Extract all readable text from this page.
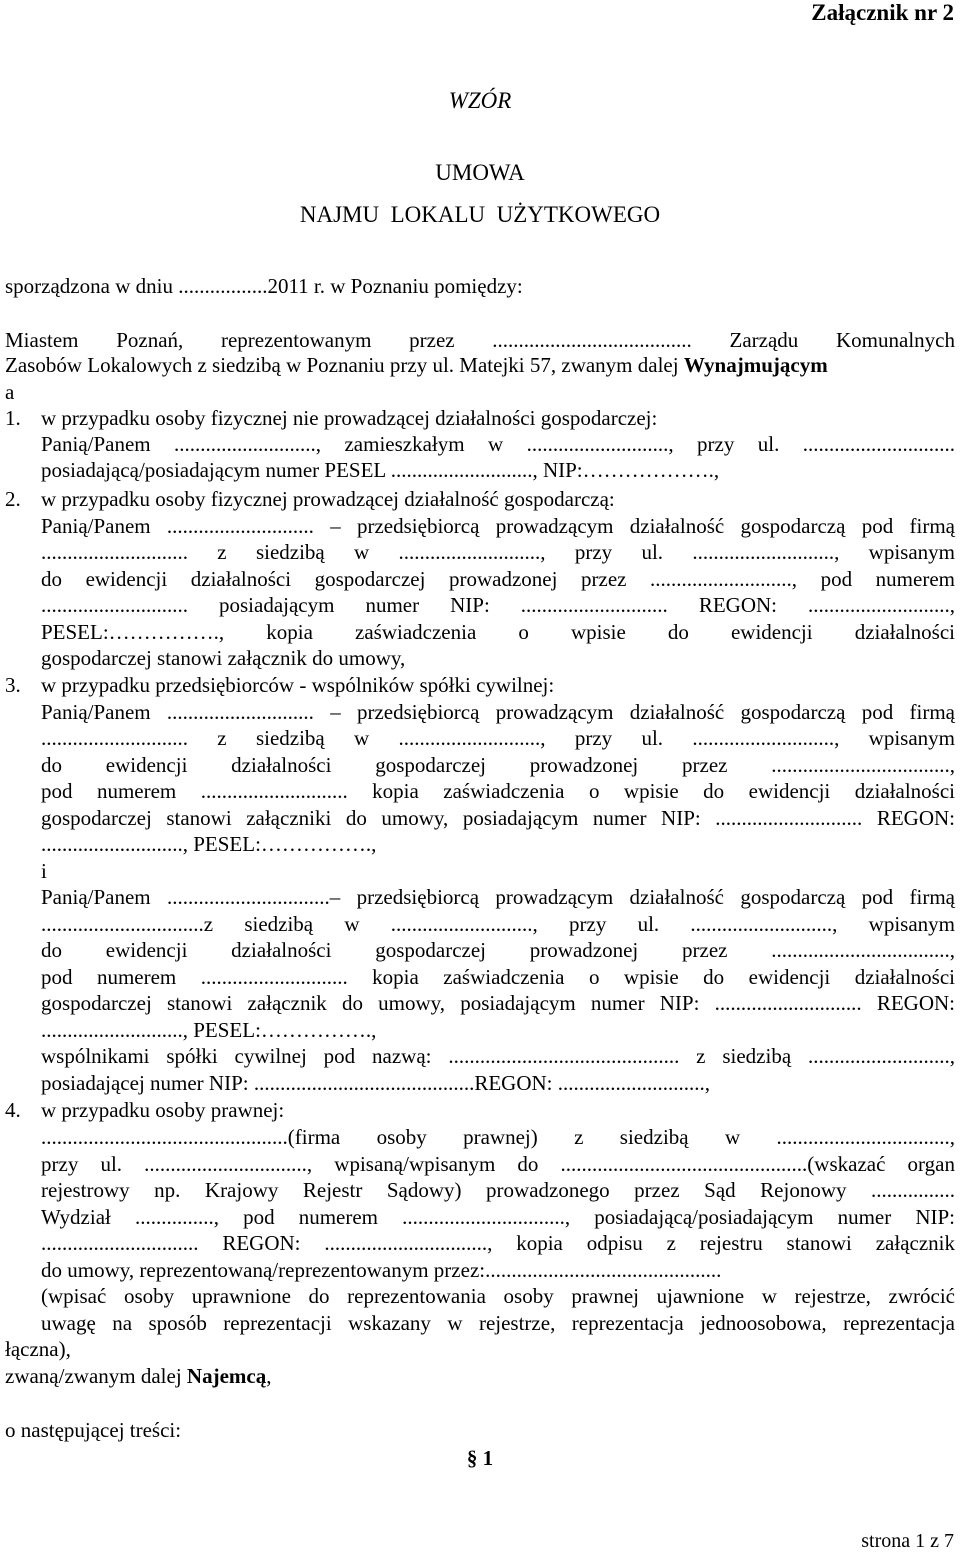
Załącznik nr 2
WZÓR
UMOWA
NAJMU  LOKALU  UŻYTKOWEGO
sporządzona w dniu .................2011 r. w Poznaniu pomiędzy:
Miastem Poznań, reprezentowanym przez ...................................... Zarządu Komunalnych
Zasobów Lokalowych z siedzibą w Poznaniu przy ul. Matejki 57, zwanym dalej Wynajmującym
a
1. w przypadku osoby fizycznej nie prowadzącej działalności gospodarczej:
Panią/Panem ..........................., zamieszkałym w ..........................., przy ul. .............................
posiadającą/posiadającym numer PESEL ..........................., NIP:……………….,
2. w przypadku osoby fizycznej prowadzącej działalność gospodarczą:
Panią/Panem ............................ – przedsiębiorcą prowadzącym działalność gospodarczą pod firmą
............................ z siedzibą w ..........................., przy ul. ..........................., wpisanym
do ewidencji działalności gospodarczej prowadzonej przez ..........................., pod numerem
............................ posiadającym numer NIP: ............................ REGON: ...........................,
PESEL:……………., kopia zaświadczenia o wpisie do ewidencji działalności
gospodarczej stanowi załącznik do umowy,
3. w przypadku przedsiębiorców - wspólników spółki cywilnej:
Panią/Panem ............................ – przedsiębiorcą prowadzącym działalność gospodarczą pod firmą
............................ z siedzibą w ..........................., przy ul. ..........................., wpisanym
do ewidencji działalności gospodarczej prowadzonej przez ..................................,
pod numerem ............................ kopia zaświadczenia o wpisie do ewidencji działalności
gospodarczej stanowi załączniki do umowy, posiadającym numer NIP: ............................ REGON:
..........................., PESEL:…………….,
i
Panią/Panem ...............................– przedsiębiorcą prowadzącym działalność gospodarczą pod firmą
...............................z siedzibą w ..........................., przy ul. ..........................., wpisanym
do ewidencji działalności gospodarczej prowadzonej przez ..................................,
pod numerem ............................ kopia zaświadczenia o wpisie do ewidencji działalności
gospodarczej stanowi załącznik do umowy, posiadającym numer NIP: ............................ REGON:
..........................., PESEL:…………….,
wspólnikami spółki cywilnej pod nazwą: ............................................ z siedzibą ...........................,
posiadającej numer NIP: ..........................................REGON: ............................,
4. w przypadku osoby prawnej:
...............................................(firma osoby prawnej) z siedzibą w .................................,
przy ul. ..............................., wpisaną/wpisanym do ...............................................(wskazać organ
rejestrowy np. Krajowy Rejestr Sądowy) prowadzonego przez Sąd Rejonowy ................
Wydział ..............., pod numerem ..............................., posiadającą/posiadającym numer NIP:
.............................. REGON: ..............................., kopia odpisu z rejestru stanowi załącznik
do umowy, reprezentowaną/reprezentowanym przez:.............................................
(wpisać osoby uprawnione do reprezentowania osoby prawnej ujawnione w rejestrze, zwrócić
uwagę na sposób reprezentacji wskazany w rejestrze, reprezentacja jednoosobowa, reprezentacja
łączna),
zwaną/zwanym dalej Najemcą,
o następującej treści:
§ 1
strona 1 z 7
